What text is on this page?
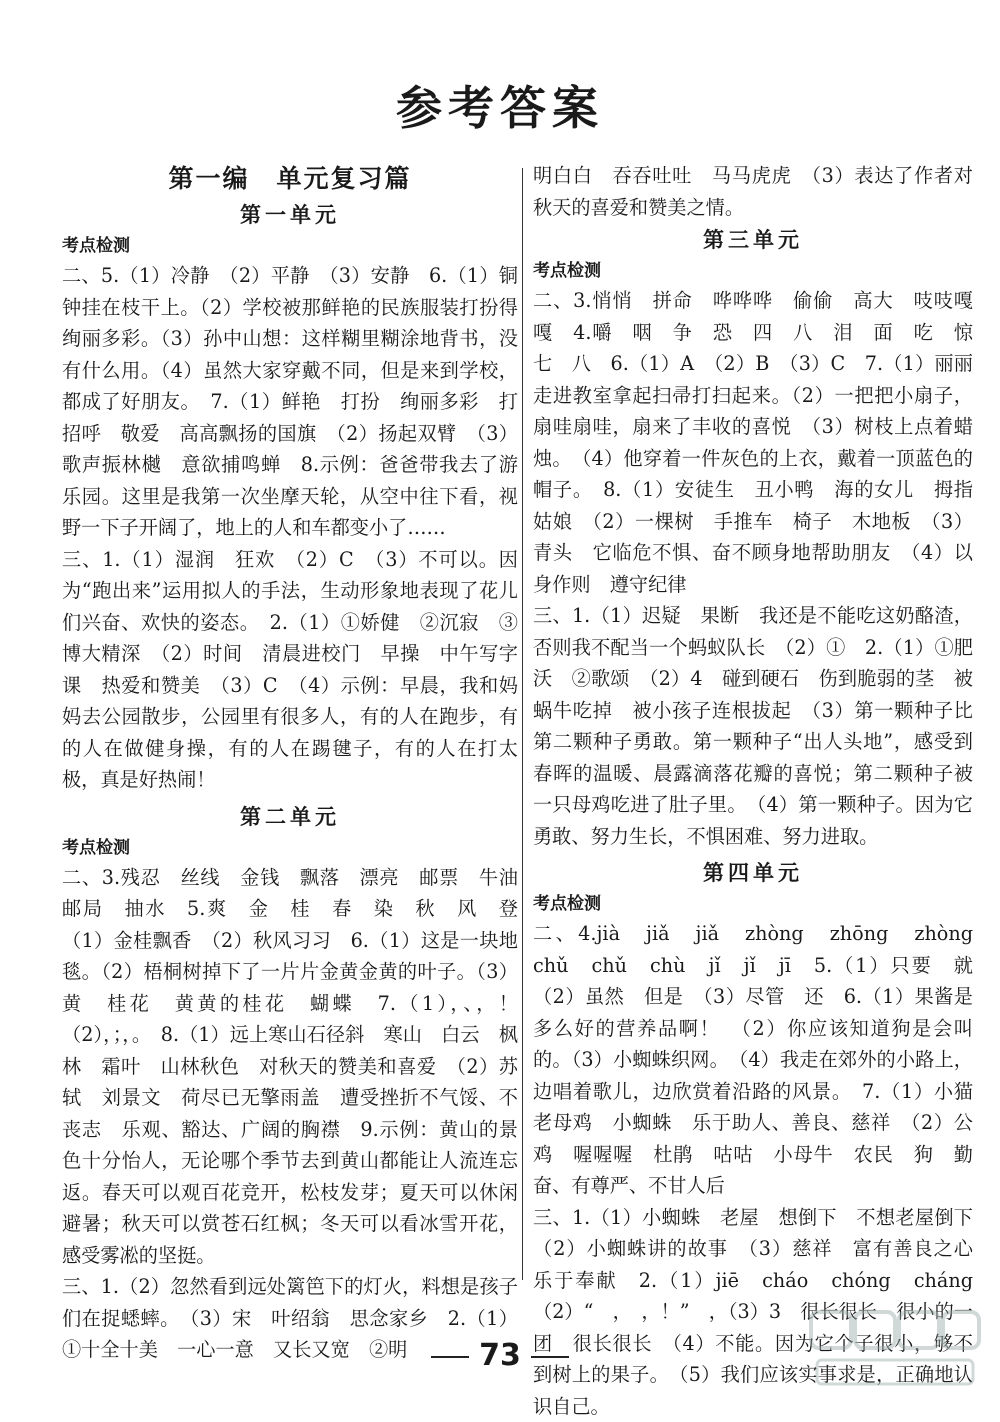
参考答案
第一编　单元复习篇
第一单元
考点检测
二、5.（1）冷静　（2）平静　（3）安静　6.（1）铜钟挂在枝干上。（2）学校被那鲜艳的民族服装打扮得绚丽多彩。（3）孙中山想：这样糊里糊涂地背书，没有什么用。（4）虽然大家穿戴不同，但是来到学校，都成了好朋友。　7.（1）鲜艳　打扮　绚丽多彩　打招呼　敬爱　高高飘扬的国旗　（2）扬起双臂　（3）歌声振林樾　意欲捕鸣蝉　8.示例：爸爸带我去了游乐园。这里是我第一次坐摩天轮，从空中往下看，视野一下子开阔了，地上的人和车都变小了……
三、1.（1）湿润　狂欢　（2）C　（3）不可以。因为“跑出来”运用拟人的手法，生动形象地表现了花儿们兴奋、欢快的姿态。　2.（1）①娇健　②沉寂　③博大精深　（2）时间　清晨进校门　早操　中午写字课　热爱和赞美　（3）C　（4）示例：早晨，我和妈妈去公园散步，公园里有很多人，有的人在跑步，有的人在做健身操，有的人在踢毽子，有的人在打太极，真是好热闹！
第二单元
考点检测
二、3.残忍　丝线　金钱　飘落　漂亮　邮票　牛油　邮局　抽水　5.爽　金　桂　春　染　秋　风　登　（1）金桂飘香　（2）秋风习习　6.（1）这是一块地毯。（2）梧桐树掉下了一片片金黄金黄的叶子。（3）黄　桂花　黄黄的桂花　蝴蝶　7.（1），、，！　（2），；，。　8.（1）远上寒山石径斜　寒山　白云　枫林　霜叶　山林秋色　对秋天的赞美和喜爱　（2）苏轼　刘景文　荷尽已无擎雨盖　遭受挫折不气馁、不丧志　乐观、豁达、广阔的胸襟　9.示例：黄山的景色十分怡人，无论哪个季节去到黄山都能让人流连忘返。春天可以观百花竞开，松枝发芽；夏天可以休闲避暑；秋天可以赏苍石红枫；冬天可以看冰雪开花，感受雾凇的坚挺。
三、1.（2）忽然看到远处篱笆下的灯火，料想是孩子们在捉蟋蟀。　（3）宋　叶绍翁　思念家乡　2.（1）①十全十美　一心一意　又长又宽　②明
明白白　吞吞吐吐　马马虎虎　（3）表达了作者对秋天的喜爱和赞美之情。
第三单元
考点检测
二、3.悄悄　拼命　哗哗哗　偷偷　高大　吱吱嘎嘎　4.嚼　咽　争　恐　四　八　泪　面　吃　惊　七　八　6.（1）A　（2）B　（3）C　7.（1）丽丽走进教室拿起扫帚打扫起来。（2）一把把小扇子，扇哇扇哇，扇来了丰收的喜悦　（3）树枝上点着蜡烛。　（4）他穿着一件灰色的上衣，戴着一顶蓝色的帽子。　8.（1）安徒生　丑小鸭　海的女儿　拇指姑娘　（2）一棵树　手推车　椅子　木地板　（3）青头　它临危不惧、奋不顾身地帮助朋友　（4）以身作则　遵守纪律
三、1.（1）迟疑　果断　我还是不能吃这奶酪渣，否则我不配当一个蚂蚁队长　（2）①　2.（1）①肥沃　②歌颂　（2）4　碰到硬石　伤到脆弱的茎　被蜗牛吃掉　被小孩子连根拔起　（3）第一颗种子比第二颗种子勇敢。第一颗种子“出人头地”，感受到春晖的温暖、晨露滴落花瓣的喜悦；第二颗种子被一只母鸡吃进了肚子里。　（4）第一颗种子。因为它勇敢、努力生长，不惧困难、努力进取。
第四单元
考点检测
二、4.jià　jiǎ　jiǎ　zhòng　zhōng　zhòng　chǔ　chǔ　chù　jǐ　jǐ　jī　5.（1）只要　就　（2）虽然　但是　（3）尽管　还　6.（1）果酱是多么好的营养品啊！　（2）你应该知道狗是会叫的。（3）小蜘蛛织网。　（4）我走在郊外的小路上，边唱着歌儿，边欣赏着沿路的风景。　7.（1）小猫　老母鸡　小蜘蛛　乐于助人、善良、慈祥　（2）公鸡　喔喔喔　杜鹃　咕咕　小母牛　农民　狗　勤奋、有尊严、不甘人后
三、1.（1）小蜘蛛　老屋　想倒下　不想老屋倒下　（2）小蜘蛛讲的故事　（3）慈祥　富有善良之心　乐于奉献　2.（1）jiē　cháo　chóng　cháng　（2）“　，　，！”　，（3）3　很长很长　很小的一团　很长很长　（4）不能。因为它个子很小，够不到树上的果子。　（5）我们应该实事求是，正确地认识自己。
73
